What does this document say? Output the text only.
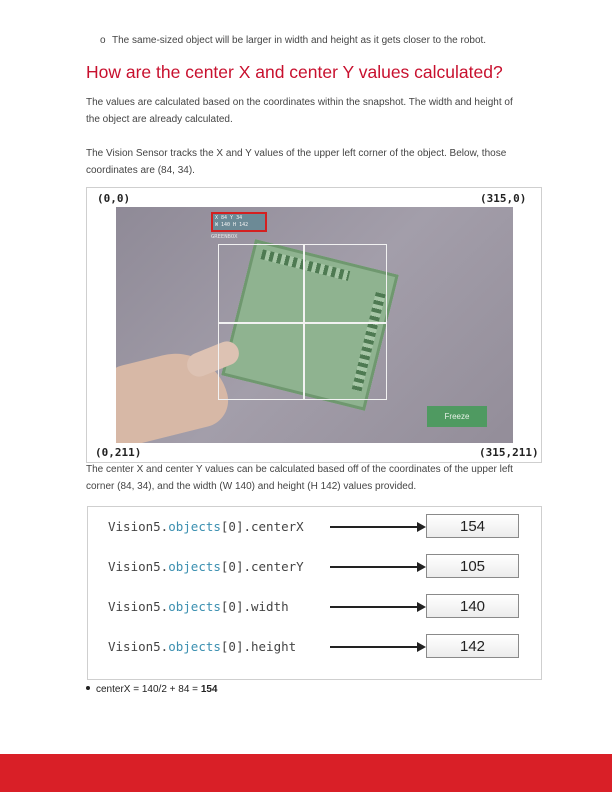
o The same-sized object will be larger in width and height as it gets closer to the robot.
How are the center X and center Y values calculated?
The values are calculated based on the coordinates within the snapshot. The width and height of the object are already calculated.
The Vision Sensor tracks the X and Y values of the upper left corner of the object. Below, those coordinates are (84, 34).
(0,0)	(315,0)
X 84 Y 34
W 140 H 142
GREENBOX
Freeze
(0,211)	(315,211)
The center X and center Y values can be calculated based off of the coordinates of the upper left corner (84, 34), and the width (W 140) and height (H 142) values provided.
Vision5.objects[0].centerX	154
Vision5.objects[0].centerY	105
Vision5.objects[0].width	140
Vision5.objects[0].height	142
centerX = 140/2 + 84 = 154
